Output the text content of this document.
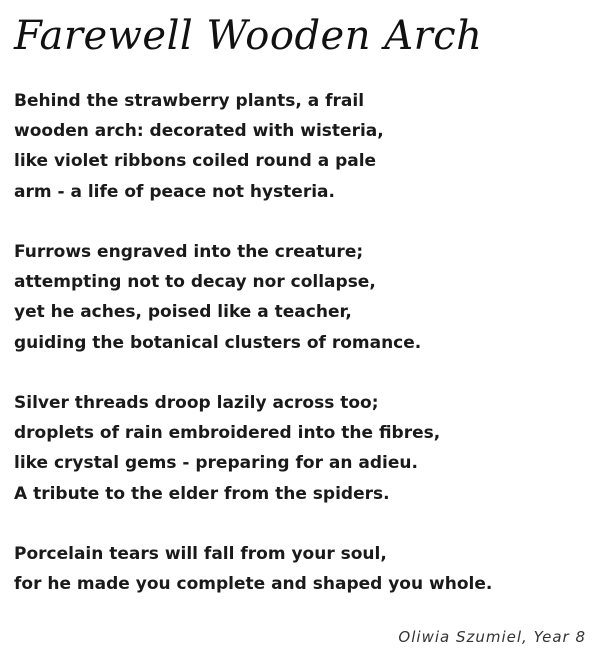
Farewell Wooden Arch
Behind the strawberry plants, a frail
wooden arch: decorated with wisteria,
like violet ribbons coiled round a pale
arm - a life of peace not hysteria.
Furrows engraved into the creature;
attempting not to decay nor collapse,
yet he aches, poised like a teacher,
guiding the botanical clusters of romance.
Silver threads droop lazily across too;
droplets of rain embroidered into the fibres,
like crystal gems - preparing for an adieu.
A tribute to the elder from the spiders.
Porcelain tears will fall from your soul,
for he made you complete and shaped you whole.
Oliwia Szumiel, Year 8
